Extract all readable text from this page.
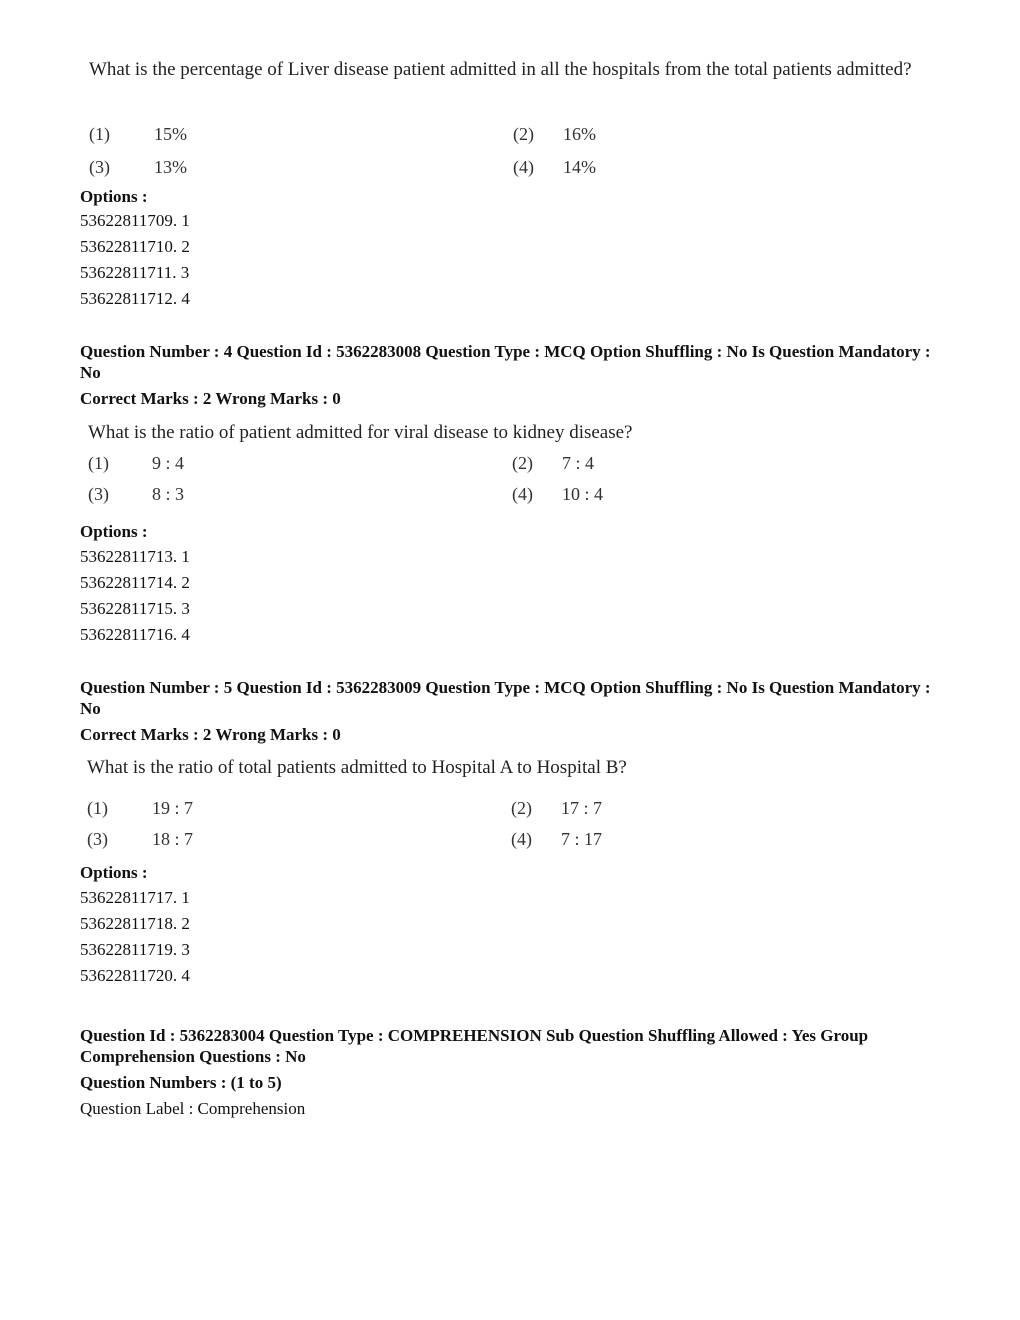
What is the percentage of Liver disease patient admitted in all the hospitals from the total patients admitted?
(1) 15%	(2) 16%
(3) 13%	(4) 14%
Options :
53622811709. 1
53622811710. 2
53622811711. 3
53622811712. 4
Question Number : 4 Question Id : 5362283008 Question Type : MCQ Option Shuffling : No Is Question Mandatory : No
Correct Marks : 2 Wrong Marks : 0
What is the ratio of patient admitted for viral disease to kidney disease?
(1) 9 : 4	(2) 7 : 4
(3) 8 : 3	(4) 10 : 4
Options :
53622811713. 1
53622811714. 2
53622811715. 3
53622811716. 4
Question Number : 5 Question Id : 5362283009 Question Type : MCQ Option Shuffling : No Is Question Mandatory : No
Correct Marks : 2 Wrong Marks : 0
What is the ratio of total patients admitted to Hospital A to Hospital B?
(1) 19 : 7	(2) 17 : 7
(3) 18 : 7	(4) 7 : 17
Options :
53622811717. 1
53622811718. 2
53622811719. 3
53622811720. 4
Question Id : 5362283004 Question Type : COMPREHENSION Sub Question Shuffling Allowed : Yes Group Comprehension Questions : No
Question Numbers : (1 to 5)
Question Label : Comprehension
